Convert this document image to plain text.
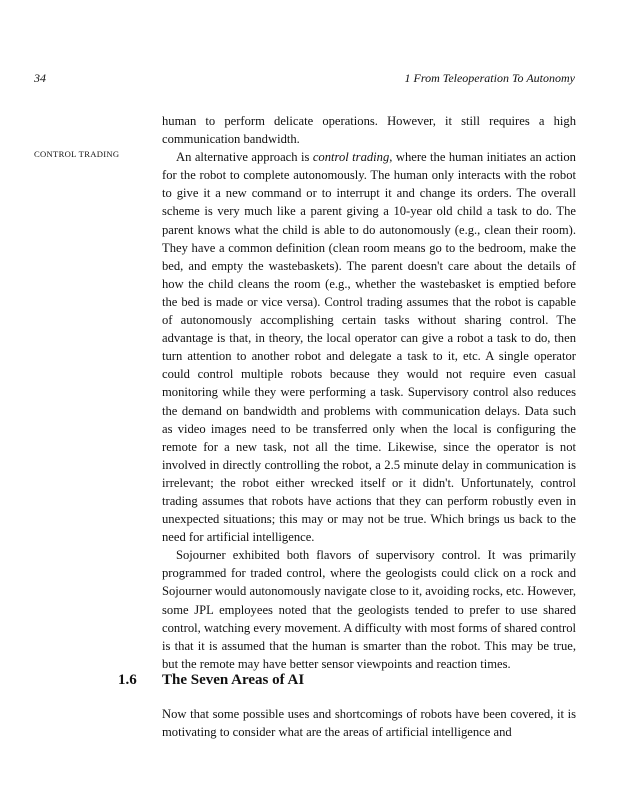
34	1 From Teleoperation To Autonomy
CONTROL TRADING

human to perform delicate operations. However, it still requires a high communication bandwidth.

An alternative approach is control trading, where the human initiates an action for the robot to complete autonomously. The human only interacts with the robot to give it a new command or to interrupt it and change its orders. The overall scheme is very much like a parent giving a 10-year old child a task to do. The parent knows what the child is able to do autonomously (e.g., clean their room). They have a common definition (clean room means go to the bedroom, make the bed, and empty the wastebaskets). The parent doesn't care about the details of how the child cleans the room (e.g., whether the wastebasket is emptied before the bed is made or vice versa). Control trading assumes that the robot is capable of autonomously accomplishing certain tasks without sharing control. The advantage is that, in theory, the local operator can give a robot a task to do, then turn attention to another robot and delegate a task to it, etc. A single operator could control multiple robots because they would not require even casual monitoring while they were performing a task. Supervisory control also reduces the demand on bandwidth and problems with communication delays. Data such as video images need to be transferred only when the local is configuring the remote for a new task, not all the time. Likewise, since the operator is not involved in directly controlling the robot, a 2.5 minute delay in communication is irrelevant; the robot either wrecked itself or it didn't. Unfortunately, control trading assumes that robots have actions that they can perform robustly even in unexpected situations; this may or may not be true. Which brings us back to the need for artificial intelligence.

Sojourner exhibited both flavors of supervisory control. It was primarily programmed for traded control, where the geologists could click on a rock and Sojourner would autonomously navigate close to it, avoiding rocks, etc. However, some JPL employees noted that the geologists tended to prefer to use shared control, watching every movement. A difficulty with most forms of shared control is that it is assumed that the human is smarter than the robot. This may be true, but the remote may have better sensor viewpoints and reaction times.

1.6 The Seven Areas of AI

Now that some possible uses and shortcomings of robots have been covered, it is motivating to consider what are the areas of artificial intelligence and
